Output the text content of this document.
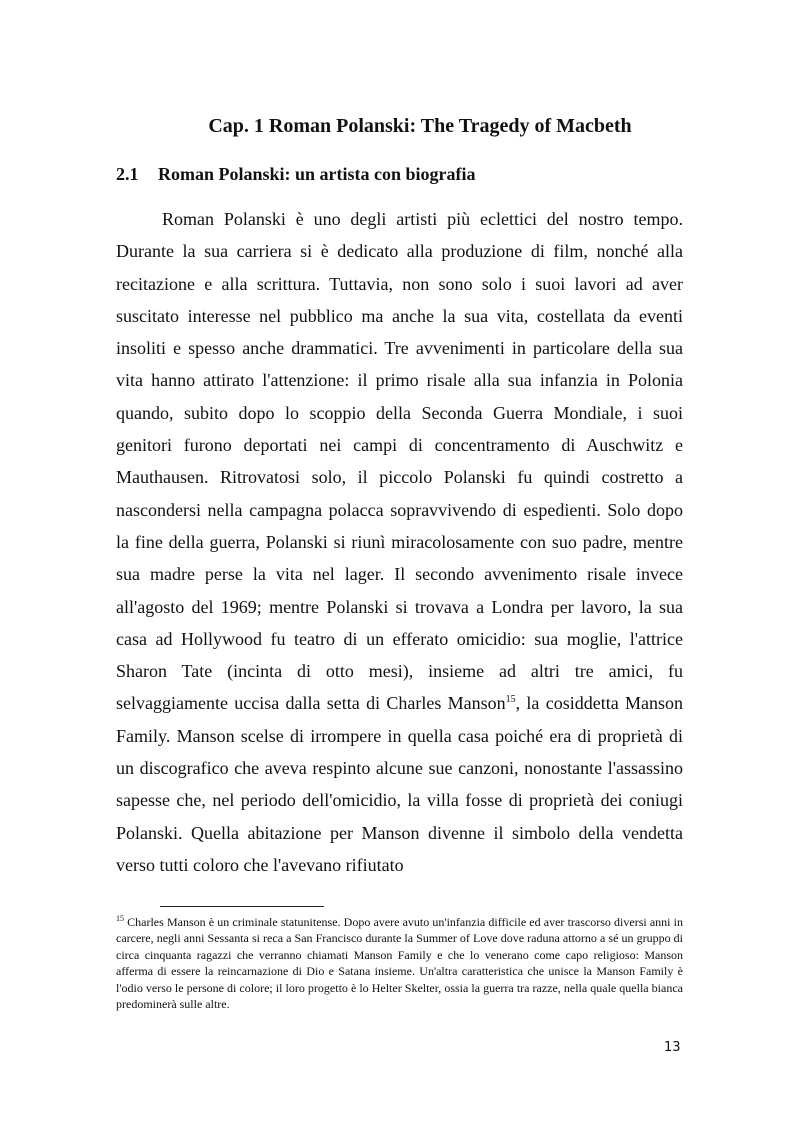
Cap. 1 Roman Polanski: The Tragedy of Macbeth
2.1 Roman Polanski: un artista con biografia

Roman Polanski è uno degli artisti più eclettici del nostro tempo. Durante la sua carriera si è dedicato alla produzione di film, nonché alla recitazione e alla scrittura. Tuttavia, non sono solo i suoi lavori ad aver suscitato interesse nel pubblico ma anche la sua vita, costellata da eventi insoliti e spesso anche drammatici. Tre avvenimenti in particolare della sua vita hanno attirato l'attenzione: il primo risale alla sua infanzia in Polonia quando, subito dopo lo scoppio della Seconda Guerra Mondiale, i suoi genitori furono deportati nei campi di concentramento di Auschwitz e Mauthausen. Ritrovatosi solo, il piccolo Polanski fu quindi costretto a nascondersi nella campagna polacca sopravvivendo di espedienti. Solo dopo la fine della guerra, Polanski si riunì miracolosamente con suo padre, mentre sua madre perse la vita nel lager. Il secondo avvenimento risale invece all'agosto del 1969; mentre Polanski si trovava a Londra per lavoro, la sua casa ad Hollywood fu teatro di un efferato omicidio: sua moglie, l'attrice Sharon Tate (incinta di otto mesi), insieme ad altri tre amici, fu selvaggiamente uccisa dalla setta di Charles Manson$^{15}$, la cosiddetta Manson Family. Manson scelse di irrompere in quella casa poiché era di proprietà di un discografico che aveva respinto alcune sue canzoni, nonostante l'assassino sapesse che, nel periodo dell'omicidio, la villa fosse di proprietà dei coniugi Polanski. Quella abitazione per Manson divenne il simbolo della vendetta verso tutti coloro che l'avevano rifiutato

$^{15}$ Charles Manson è un criminale statunitense. Dopo avere avuto un'infanzia difficile ed aver trascorso diversi anni in carcere, negli anni Sessanta si reca a San Francisco durante la Summer of Love dove raduna attorno a sé un gruppo di circa cinquanta ragazzi che verranno chiamati Manson Family e che lo venerano come capo religioso: Manson afferma di essere la reincarnazione di Dio e Satana insieme. Un'altra caratteristica che unisce la Manson Family è l'odio verso le persone di colore; il loro progetto è lo Helter Skelter, ossia la guerra tra razze, nella quale quella bianca predominerà sulle altre.

13
